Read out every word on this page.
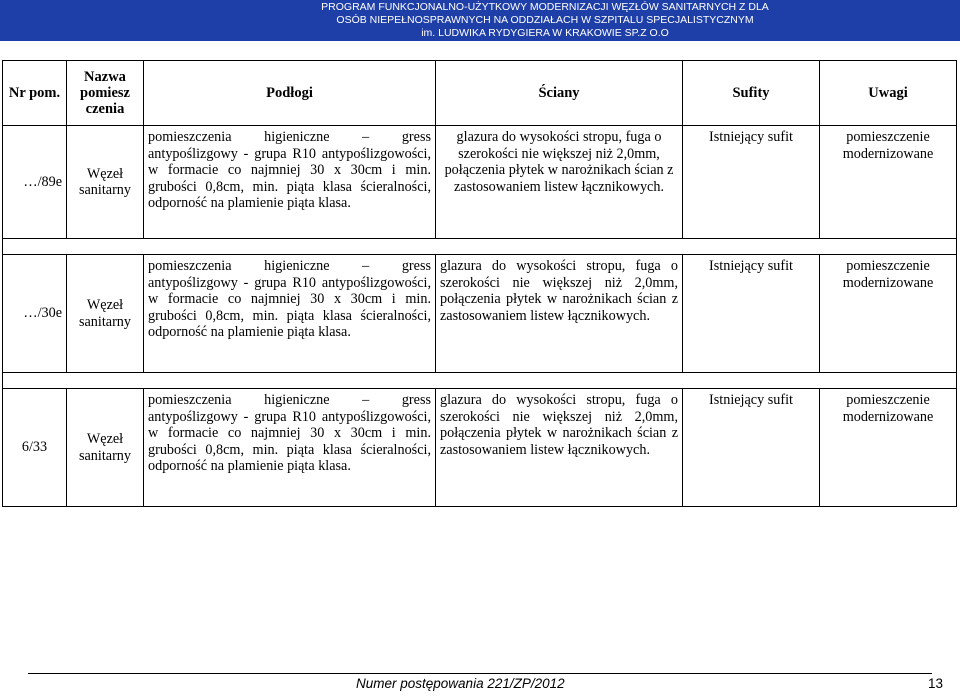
PROGRAM FUNKCJONALNO-UŻYTKOWY MODERNIZACJI WĘZŁÓW SANITARNYCH Z DLA
OSÓB NIEPEŁNOSPRAWNYCH NA ODDZIAŁACH W SZPITALU SPECJALISTYCZNYM
im. LUDWIKA RYDYGIERA W KRAKOWIE SP.Z O.O
Nr pom.	Nazwa pomiesz czenia	Podłogi	Ściany	Sufity	Uwagi
…/89e	Węzeł sanitarny	pomieszczenia higieniczne – gress antypoślizgowy - grupa R10 antypoślizgowości, w formacie co najmniej 30 x 30cm i min. grubości 0,8cm, min. piąta klasa ścieralności, odporność na plamienie piąta klasa.	glazura do wysokości stropu, fuga o szerokości nie większej niż 2,0mm, połączenia płytek w narożnikach ścian z zastosowaniem listew łącznikowych.	Istniejący sufit	pomieszczenie modernizowane

…/30e	Węzeł sanitarny	pomieszczenia higieniczne – gress antypoślizgowy - grupa R10 antypoślizgowości, w formacie co najmniej 30 x 30cm i min. grubości 0,8cm, min. piąta klasa ścieralności, odporność na plamienie piąta klasa.	glazura do wysokości stropu, fuga o szerokości nie większej niż 2,0mm, połączenia płytek w narożnikach ścian z zastosowaniem listew łącznikowych.	Istniejący sufit	pomieszczenie modernizowane

6/33	Węzeł sanitarny	pomieszczenia higieniczne – gress antypoślizgowy - grupa R10 antypoślizgowości, w formacie co najmniej 30 x 30cm i min. grubości 0,8cm, min. piąta klasa ścieralności, odporność na plamienie piąta klasa.	glazura do wysokości stropu, fuga o szerokości nie większej niż 2,0mm, połączenia płytek w narożnikach ścian z zastosowaniem listew łącznikowych.	Istniejący sufit	pomieszczenie modernizowane
Numer postępowania 221/ZP/2012	13
